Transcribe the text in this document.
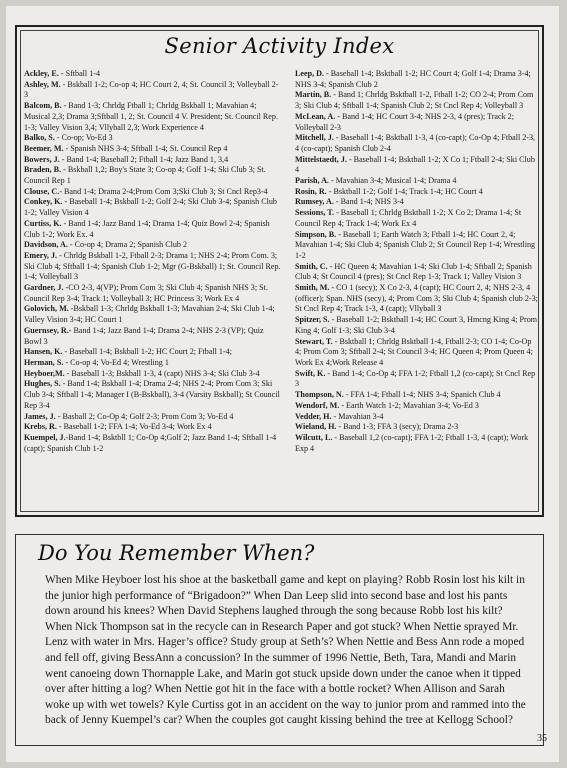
Senior Activity Index
Ackley, E. - Sftball 1-4
Ashley, M. - Bskball 1-2; Co-op 4; HC Court 2, 4; St. Council 3; Volleyball 2-3
Balcom, B. - Band 1-3; Chrldg Ftball 1; Chrldg Bskball 1; Mavahian 4; Musical 2,3; Drama 3;Sftball 1, 2; St. Council 4 V. President; St. Council Rep. 1-3; Valley Vision 3,4; Vllyball 2,3; Work Experience 4
Balko, S. - Co-op; Vo-Ed 3
Beemer, M. - Spanish NHS 3-4; Sftball 1-4; St. Council Rep 4
Bowers, J. - Band 1-4; Baseball 2; Ftball 1-4; Jazz Band 1, 3,4
Braden, B. - Bskball 1,2; Boy's State 3; Co-op 4; Golf 1-4; Ski Club 3; St. Council Rep 1
Clouse, C.- Band 1-4; Drama 2-4;Prom Com 3;Ski Club 3; St Cncl Rep3-4
Conkey, K. - Baseball 1-4; Bskball 1-2; Golf 2-4; Ski Club 3-4; Spanish Club 1-2; Valley Vision 4
Curtiss, K. - Band 1-4; Jazz Band 1-4; Drama 1-4; Quiz Bowl 2-4; Spanish Club 1-2; Work Ex. 4
Davidson, A. - Co-op 4; Drama 2; Spanish Club 2
Emery, J. - Chrldg Bskball 1-2, Ftball 2-3; Drama 1; NHS 2-4; Prom Com. 3; Ski Club 4; Sftball 1-4; Spanish Club 1-2; Mgr (G-Bskball) 1; St. Council Rep. 1-4; Volleyball 3
Gardner, J. -CO 2-3, 4(VP); Prom Com 3; Ski Club 4; Spanish NHS 3; St. Council Rep 3-4; Track 1; Volleyball 3; HC Princess 3; Work Ex 4
Golovich, M. -Bskball 1-3; Chrldg Bskball 1-3; Mavahian 2-4; Ski Club 1-4; Valley Vision 3-4; HC Court 1
Guernsey, R.- Band 1-4; Jazz Band 1-4; Drama 2-4; NHS 2-3 (VP); Quiz Bowl 3
Hansen, K. - Baseball 1-4; Bskball 1-2; HC Court 2; Ftball 1-4;
Herman, S. - Co-op 4; Vo-Ed 4; Wrestling 1
Heyboer,M. - Baseball 1-3; Bskball 1-3, 4 (capt) NHS 3-4; Ski Club 3-4
Hughes, S. - Band 1-4; Bskball 1-4; Drama 2-4; NHS 2-4; Prom Com 3; Ski Club 3-4; Sftball 1-4; Manager I (B-Bskball), 3-4 (Varsity Bskball); St Council Rep 3-4
James, J. - Basball 2; Co-Op 4; Golf 2-3; Prom Com 3; Vo-Ed 4
Krebs, R. - Baseball 1-2; FFA 1-4; Vo-Ed 3-4; Work Ex 4
Kuempel, J.-Band 1-4; Bsktbll 1; Co-Op 4;Golf 2; Jazz Band 1-4; Sftball 1-4 (capt); Spanish Club 1-2
Leep, D. - Baseball 1-4; Bsktball 1-2; HC Court 4; Golf 1-4; Drama 3-4; NHS 3-4; Spanish Club 2
Martin, B. - Band 1; Chrldg Bsktball 1-2, Ftball 1-2; CO 2-4; Prom Com 3; Ski Club 4; Sftball 1-4; Spanish Club 2; St Cncl Rep 4; Volleyball 3
McLean, A. - Band 1-4; HC Court 3-4; NHS 2-3, 4 (pres); Track 2; Volleyball 2-3
Mitchell, J. - Baseball 1-4; Bsktball 1-3, 4 (co-capt); Co-Op 4; Ftball 2-3, 4 (co-capt); Spanish Club 2-4
Mittelstaedt, J. - Baseball 1-4; Bsktball 1-2; X Co 1; Ftball 2-4; Ski Club 4
Parish, A. - Mavahian 3-4; Musical 1-4; Drama 4
Rosin, R. - Bsktball 1-2; Golf 1-4; Track 1-4; HC Court 4
Rumsey, A. - Band 1-4; NHS 3-4
Sessions, T. - Baseball 1; Chrldg Bsktball 1-2; X Co 2; Drama 1-4; St Council Rep 4; Track 1-4; Work Ex 4
Simpson, B. - Baseball 1; Earth Watch 3; Ftball 1-4; HC Court 2, 4; Mavahian 1-4; Ski Club 4; Spanish Club 2; St Council Rep 1-4; Wrestling 1-2
Smith, C. - HC Queen 4; Mavahian 1-4; Ski Club 1-4; Sftball 2; Spanish Club 4; St Council 4 (pres); St Cncl Rep 1-3; Track 1; Valley Vision 3
Smith, M. - CO 1 (secy); X Co 2-3, 4 (capt); HC Court 2, 4; NHS 2-3, 4 (officer); Span. NHS (secy), 4; Prom Com 3; Ski Club 4; Spanish club 2-3; St Cncl Rep 4; Track 1-3, 4 (capt); Vllyball 3
Spitzer, S. - Baseball 1-2; Bsktball 1-4; HC Court 3, Hmcng King 4; Prom King 4; Golf 1-3; Ski Club 3-4
Stewart, T. - Bsktball 1; Chrldg Bsktball 1-4, Ftball 2-3; CO 1-4; Co-Op 4; Prom Com 3; Sftball 2-4; St Council 3-4; HC Queen 4; Prom Queen 4; Work Ex 4;Work Release 4
Swift, K. - Band 1-4; Co-Op 4; FFA 1-2; Ftball 1,2 (co-capt); St Cncl Rep 3
Thompson, N. - FFA 1-4; Ftball 1-4; NHS 3-4; Spanich Club 4
Wendorf, M. - Earth Watch 1-2; Mavahian 3-4; Vo-Ed 3
Vedder, H. - Mavahian 3-4
Wieland, H. - Band 1-3; FFA 3 (secy); Drama 2-3
Wilcutt, L. - Baseball 1,2 (co-capt); FFA 1-2; Ftball 1-3, 4 (capt); Work Exp 4
Do You Remember When?
When Mike Heyboer lost his shoe at the basketball game and kept on playing? Robb Rosin lost his kilt in the junior high performance of “Brigadoon?” When Dan Leep slid into second base and lost his pants down around his knees? When David Stephens laughed through the song because Robb lost his kilt? When Nick Thompson sat in the recycle can in Research Paper and got stuck? When Nettie sprayed Mr. Lenz with water in Mrs. Hager’s office? Study group at Seth’s? When Nettie and Bess Ann rode a moped and fell off, giving BessAnn a concussion? In the summer of 1996 Nettie, Beth, Tara, Mandi and Marin went canoeing down Thornapple Lake, and Marin got stuck upside down under the canoe when it tipped over after hitting a log? When Nettie got hit in the face with a bottle rocket? When Allison and Sarah woke up with wet towels? Kyle Curtiss got in an accident on the way to junior prom and rammed into the back of Jenny Kuempel’s car? When the couples got caught kissing behind the tree at Kellogg School?
35
